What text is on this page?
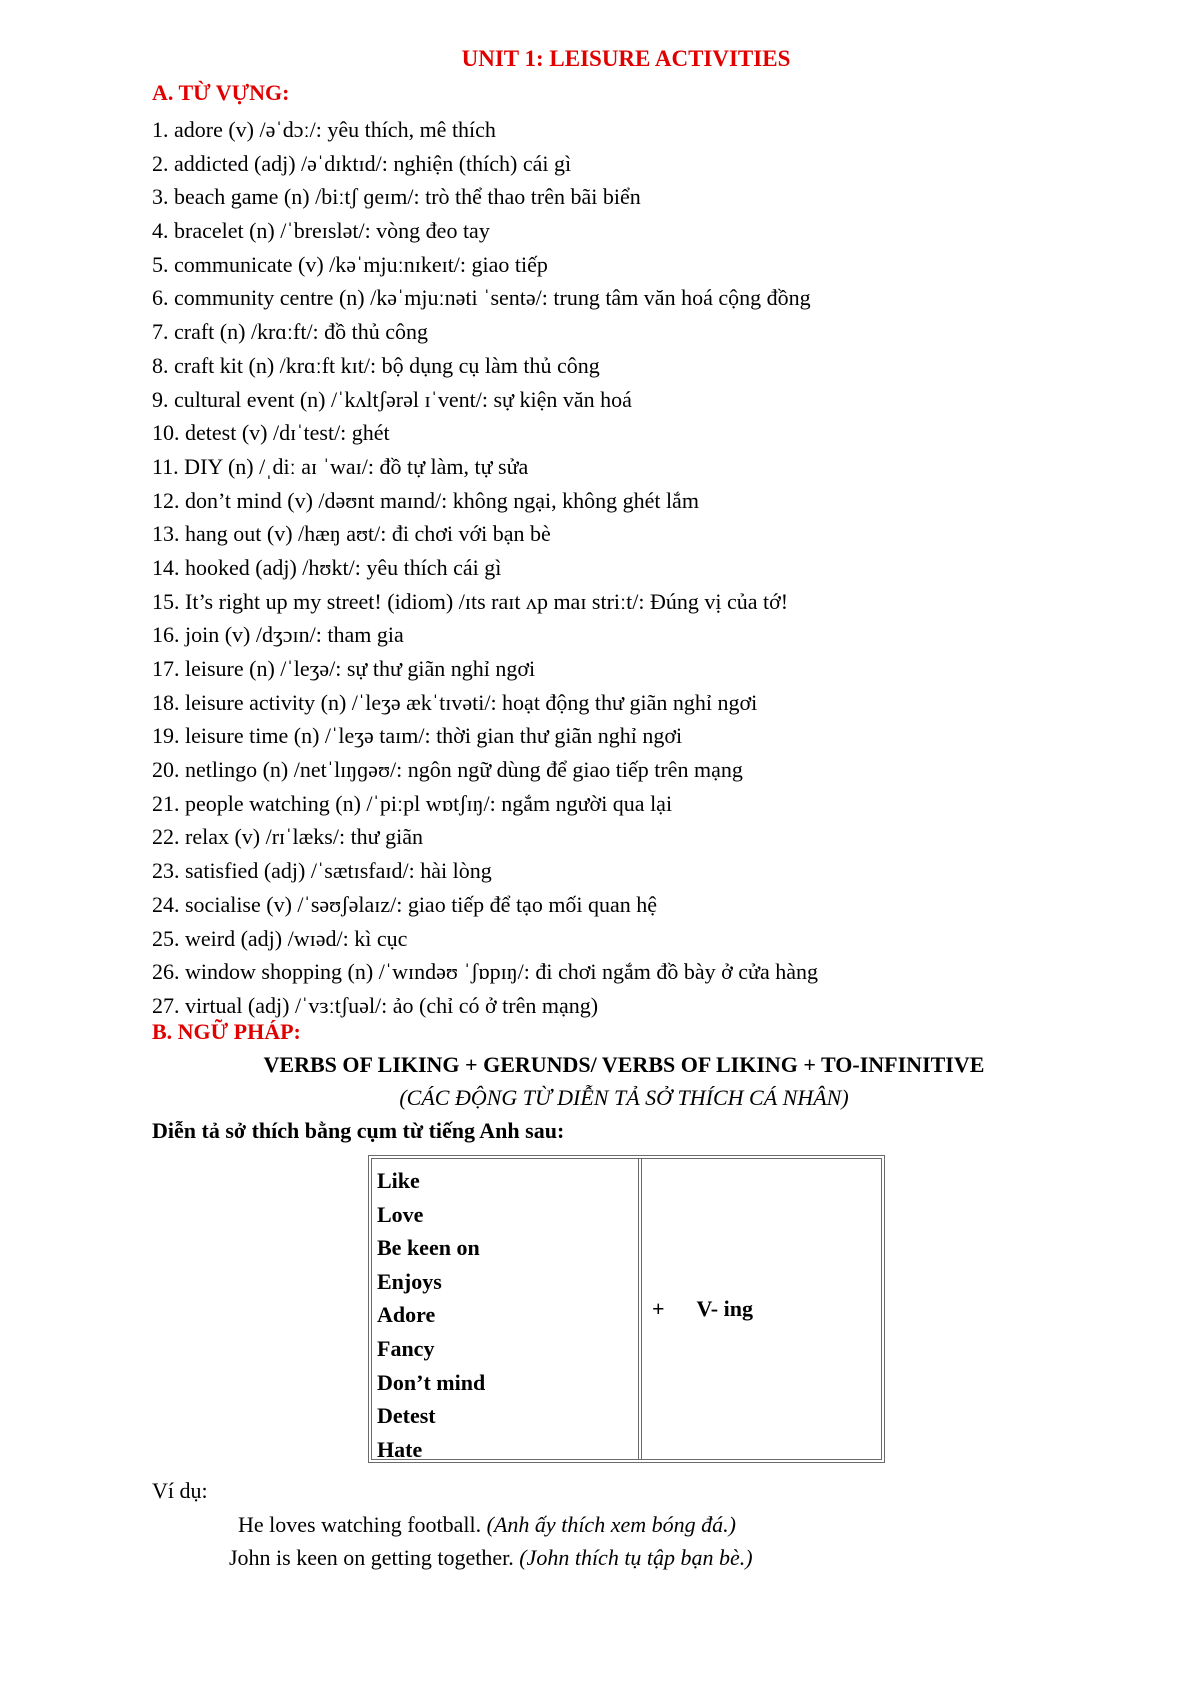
UNIT 1: LEISURE ACTIVITIES
A. TỪ VỰNG:
1. adore (v) /əˈdɔː/: yêu thích, mê thích
2. addicted (adj) /əˈdɪktɪd/: nghiện (thích) cái gì
3. beach game (n) /biːtʃ ɡeɪm/: trò thể thao trên bãi biển
4. bracelet (n) /ˈbreɪslət/: vòng đeo tay
5. communicate (v) /kəˈmjuːnɪkeɪt/: giao tiếp
6. community centre (n) /kəˈmjuːnəti ˈsentə/: trung tâm văn hoá cộng đồng
7. craft (n) /krɑːft/: đồ thủ công
8. craft kit (n) /krɑːft kɪt/: bộ dụng cụ làm thủ công
9. cultural event (n) /ˈkʌltʃərəl ɪˈvent/: sự kiện văn hoá
10. detest (v) /dɪˈtest/: ghét
11. DIY (n) /ˌdiː aɪ ˈwaɪ/: đồ tự làm, tự sửa
12. don’t mind (v) /dəʊnt maɪnd/: không ngại, không ghét lắm
13. hang out (v) /hæŋ aʊt/: đi chơi với bạn bè
14. hooked (adj) /hʊkt/: yêu thích cái gì
15. It’s right up my street! (idiom) /ɪts raɪt ʌp maɪ striːt/: Đúng vị của tớ!
16. join (v) /dʒɔɪn/: tham gia
17. leisure (n) /ˈleʒə/: sự thư giãn nghỉ ngơi
18. leisure activity (n) /ˈleʒə ækˈtɪvəti/: hoạt động thư giãn nghỉ ngơi
19. leisure time (n) /ˈleʒə taɪm/: thời gian thư giãn nghỉ ngơi
20. netlingo (n) /netˈlɪŋɡəʊ/: ngôn ngữ dùng để giao tiếp trên mạng
21. people watching (n) /ˈpiːpl wɒtʃɪŋ/: ngắm người qua lại
22. relax (v) /rɪˈlæks/: thư giãn
23. satisfied (adj) /ˈsætɪsfaɪd/: hài lòng
24. socialise (v) /ˈsəʊʃəlaɪz/: giao tiếp để tạo mối quan hệ
25. weird (adj) /wɪəd/: kì cục
26. window shopping (n) /ˈwɪndəʊ ˈʃɒpɪŋ/: đi chơi ngắm đồ bày ở cửa hàng
27. virtual (adj) /ˈvɜːtʃuəl/: ảo (chỉ có ở trên mạng)
B. NGỮ PHÁP:
VERBS OF LIKING + GERUNDS/ VERBS OF LIKING + TO-INFINITIVE
(CÁC ĐỘNG TỪ DIỄN TẢ SỞ THÍCH CÁ NHÂN)
Diễn tả sở thích bằng cụm từ tiếng Anh sau:
Like
Love
Be keen on
Enjoys
Adore
Fancy
Don’t mind
Detest
Hate
+ V- ing
Ví dụ:
He loves watching football. (Anh ấy thích xem bóng đá.)
John is keen on getting together. (John thích tụ tập bạn bè.)
